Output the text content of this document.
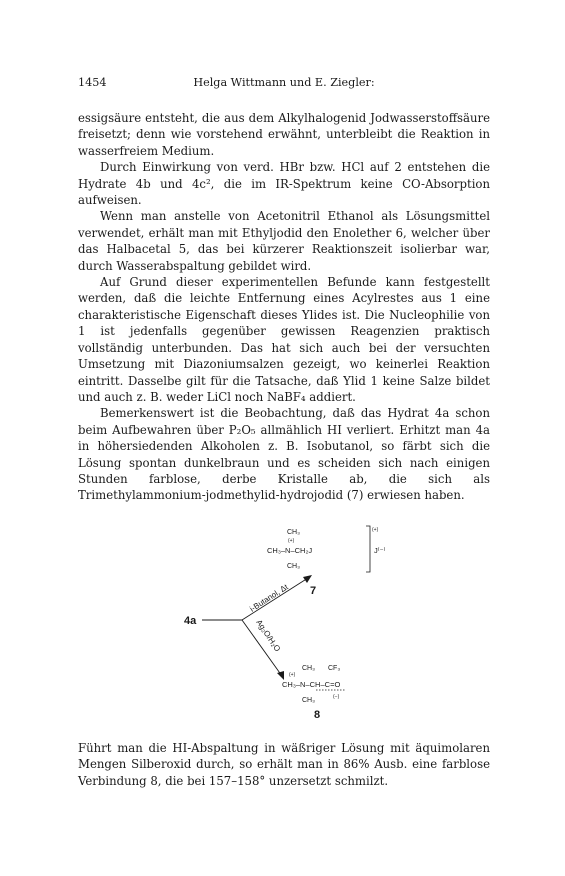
1454	Helga Wittmann und E. Ziegler:

essigsäure entsteht, die aus dem Alkylhalogenid Jodwasserstoffsäure freisetzt; denn wie vorstehend erwähnt, unterbleibt die Reaktion in wasserfreiem Medium.

Durch Einwirkung von verd. HBr bzw. HCl auf 2 entstehen die Hydrate 4b und 4c², die im IR-Spektrum keine CO-Absorption aufweisen.

Wenn man anstelle von Acetonitril Ethanol als Lösungsmittel verwendet, erhält man mit Ethyljodid den Enolether 6, welcher über das Halbacetal 5, das bei kürzerer Reaktionszeit isolierbar war, durch Wasserabspaltung gebildet wird.

Auf Grund dieser experimentellen Befunde kann festgestellt werden, daß die leichte Entfernung eines Acylrestes aus 1 eine charakteristische Eigenschaft dieses Ylides ist. Die Nucleophilie von 1 ist jedenfalls gegenüber gewissen Reagenzien praktisch vollständig unterbunden. Das hat sich auch bei der versuchten Umsetzung mit Diazoniumsalzen gezeigt, wo keinerlei Reaktion eintritt. Dasselbe gilt für die Tatsache, daß Ylid 1 keine Salze bildet und auch z. B. weder LiCl noch NaBF₄ addiert.

Bemerkenswert ist die Beobachtung, daß das Hydrat 4a schon beim Aufbewahren über P₂O₅ allmählich HI verliert. Erhitzt man 4a in höhersiedenden Alkoholen z. B. Isobutanol, so färbt sich die Lösung spontan dunkelbraun und es scheiden sich nach einigen Stunden farblose, derbe Kristalle ab, die sich als Trimethylammonium-jodmethylid-hydrojodid (7) erwiesen haben.

4a
i-Butanol, Δt
Ag₂O/H₂O
CH₃
(+)
CH₃–N–CH₂J
CH₃
(+)
J⁽⁻⁾
7
CH₃ CF₃
(+)
CH₃–N–CH–C=O
(−)
CH₃
8

Führt man die HI-Abspaltung in wäßriger Lösung mit äquimolaren Mengen Silberoxid durch, so erhält man in 86% Ausb. eine farblose Verbindung 8, die bei 157–158° unzersetzt schmilzt.
